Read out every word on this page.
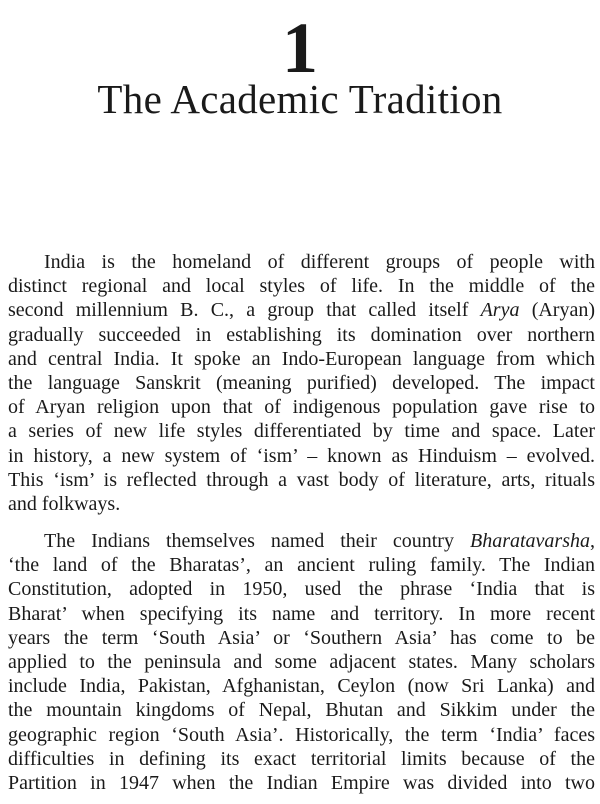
1
The Academic Tradition
India is the homeland of different groups of people with
distinct regional and local styles of life. In the middle of the
second millennium B. C., a group that called itself Arya (Aryan)
gradually succeeded in establishing its domination over northern
and central India. It spoke an Indo-European language from which
the language Sanskrit (meaning purified) developed. The impact
of Aryan religion upon that of indigenous population gave rise to
a series of new life styles differentiated by time and space. Later
in history, a new system of ‘ism’ – known as Hinduism – evolved.
This ‘ism’ is reflected through a vast body of literature, arts, rituals
and folkways.
The Indians themselves named their country Bharatavarsha,
‘the land of the Bharatas’, an ancient ruling family. The Indian
Constitution, adopted in 1950, used the phrase ‘India that is
Bharat’ when specifying its name and territory. In more recent
years the term ‘South Asia’ or ‘Southern Asia’ has come to be
applied to the peninsula and some adjacent states. Many scholars
include India, Pakistan, Afghanistan, Ceylon (now Sri Lanka) and
the mountain kingdoms of Nepal, Bhutan and Sikkim under the
geographic region ‘South Asia’. Historically, the term ‘India’ faces
difficulties in defining its exact territorial limits because of the
Partition in 1947 when the Indian Empire was divided into two
